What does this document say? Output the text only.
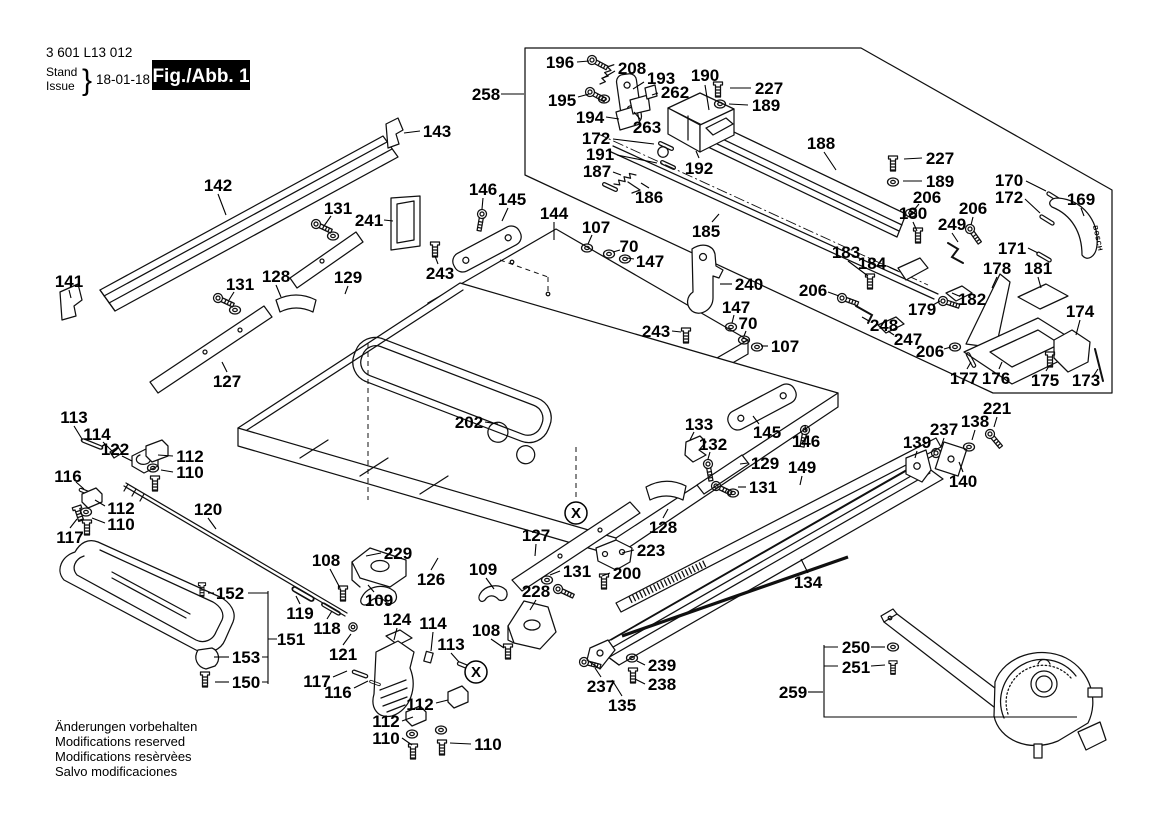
3 601 L13 012
Stand
Issue } 18-01-18 Fig./Abb. 1
Änderungen vorbehalten
Modifications reserved
Modifications resèrvèes
Salvo modificaciones
BOSCH
258
196	208
193 190
227
262
189
195
194
263
172
191
187
186
192
188
227
189
206
180
249
206
170
172	169
171
183
184	178 181
206
179
182
248
247
206
177 176 175 173
174
143
142
131
241
146
145
144
107
70
147
243
141	131 128	129
127
185
240
147
70
107
243
202	133
132
145
129
131
146
149
221
237 138
139
140
134
127	128
223
131 200
126
109
228
108
108	229
109
113
114
122	112
110
116
112
110
117
120
152
151
153
150
119
118
121
117
116
124 114
113
112
112
110	110
237
135
239
238
250
251
259
X
X
